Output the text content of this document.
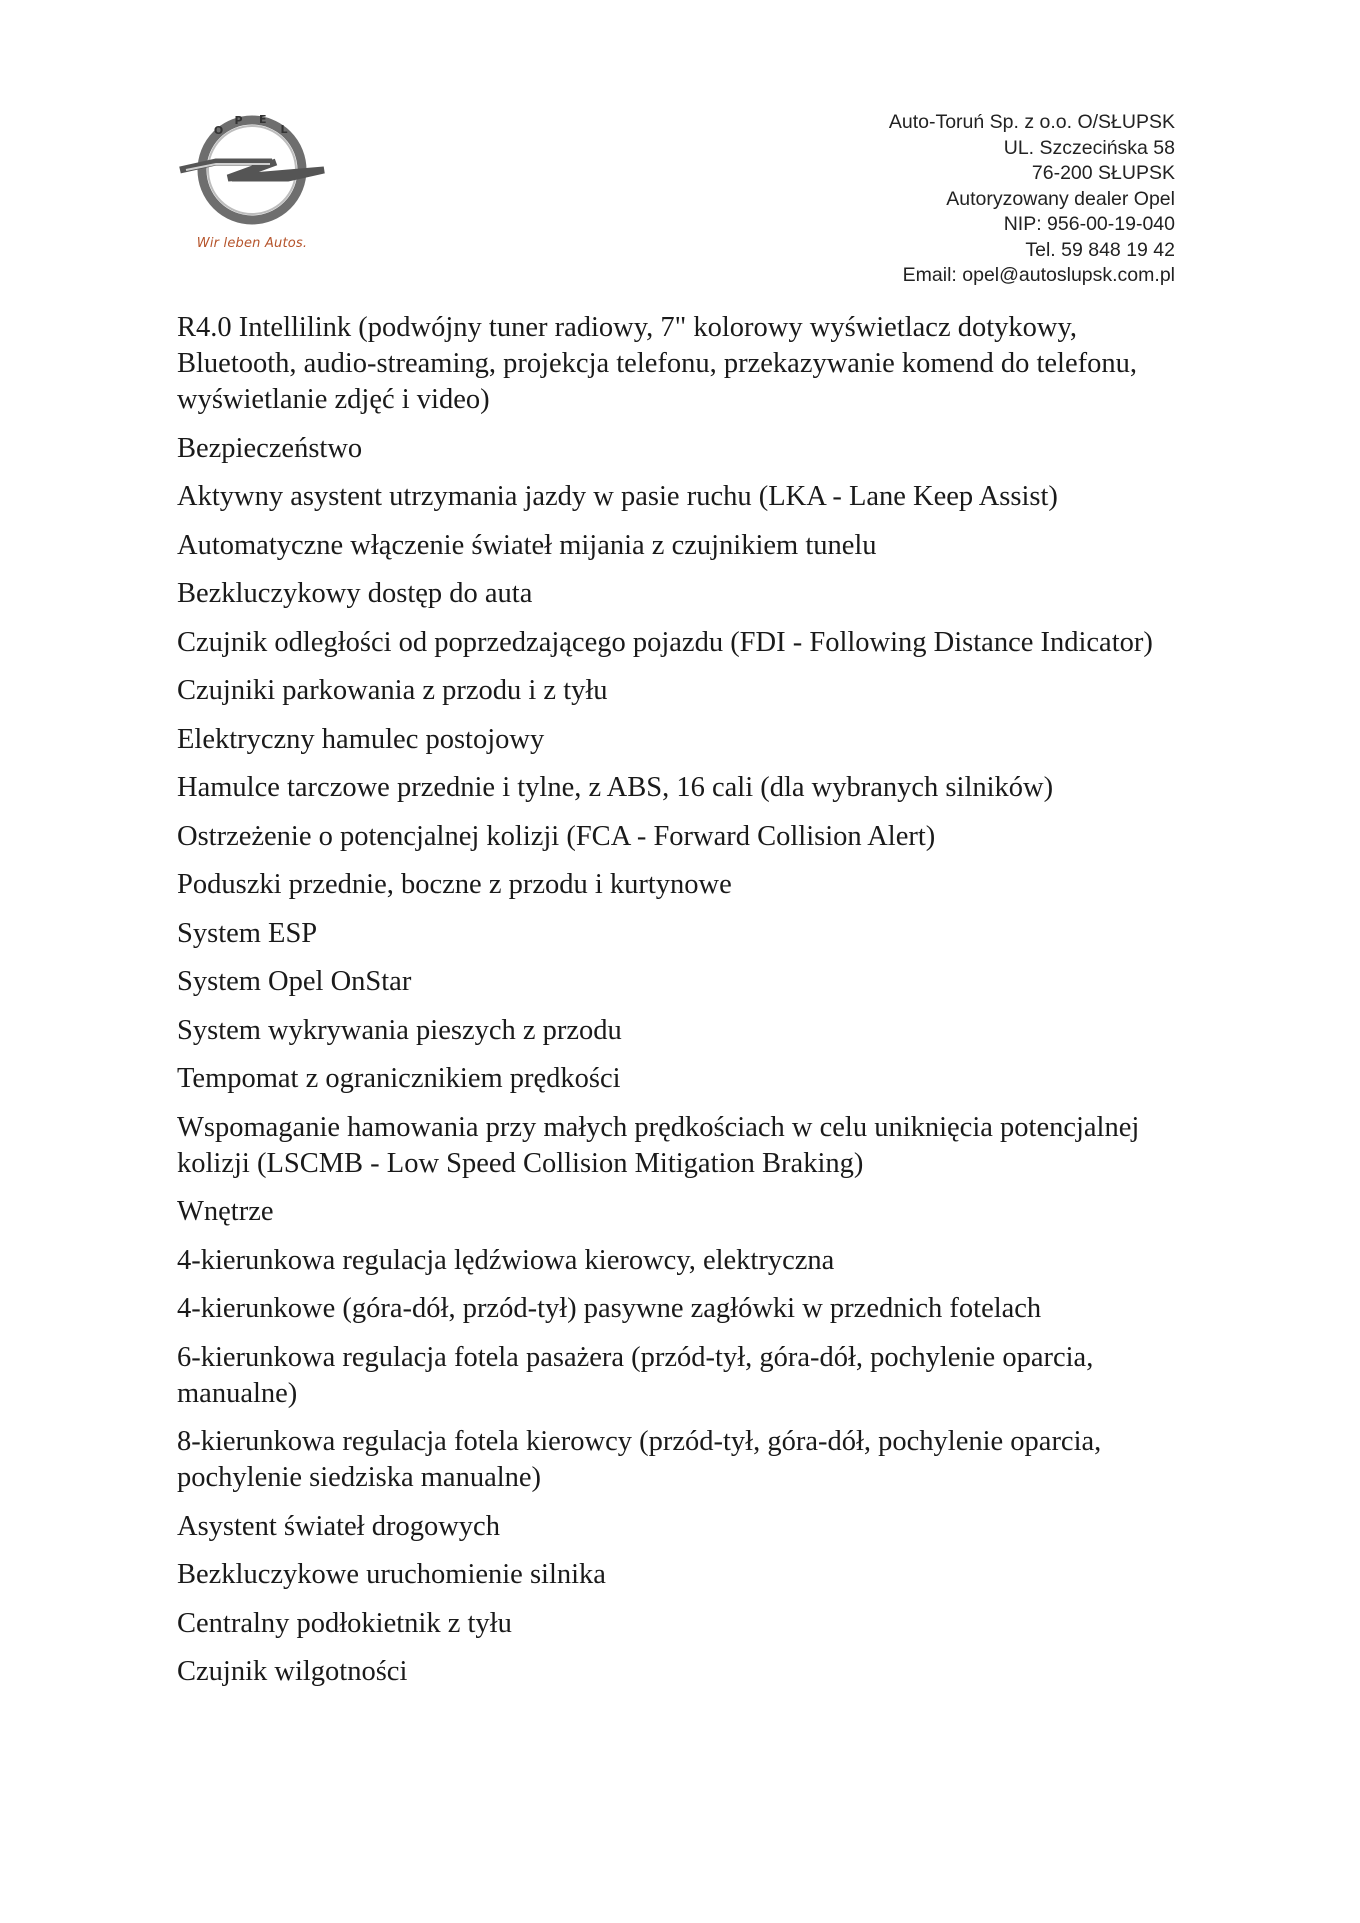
O
P E
L
Wir leben Autos.
Auto-Toruń Sp. z o.o. O/SŁUPSK
UL. Szczecińska 58
76-200 SŁUPSK
Autoryzowany dealer Opel
NIP: 956-00-19-040
Tel. 59 848 19 42
Email: opel@autoslupsk.com.pl
R4.0 Intellilink (podwójny tuner radiowy, 7" kolorowy wyświetlacz dotykowy, Bluetooth, audio-streaming, projekcja telefonu, przekazywanie komend do telefonu, wyświetlanie zdjęć i video)
Bezpieczeństwo
Aktywny asystent utrzymania jazdy w pasie ruchu (LKA - Lane Keep Assist)
Automatyczne włączenie świateł mijania z czujnikiem tunelu
Bezkluczykowy dostęp do auta
Czujnik odległości od poprzedzającego pojazdu (FDI - Following Distance Indicator)
Czujniki parkowania z przodu i z tyłu
Elektryczny hamulec postojowy
Hamulce tarczowe przednie i tylne, z ABS, 16 cali (dla wybranych silników)
Ostrzeżenie o potencjalnej kolizji (FCA - Forward Collision Alert)
Poduszki przednie, boczne z przodu i kurtynowe
System ESP
System Opel OnStar
System wykrywania pieszych z przodu
Tempomat z ogranicznikiem prędkości
Wspomaganie hamowania przy małych prędkościach w celu uniknięcia potencjalnej kolizji (LSCMB - Low Speed Collision Mitigation Braking)
Wnętrze
4-kierunkowa regulacja lędźwiowa kierowcy, elektryczna
4-kierunkowe (góra-dół, przód-tył) pasywne zagłówki w przednich fotelach
6-kierunkowa regulacja fotela pasażera (przód-tył, góra-dół, pochylenie oparcia, manualne)
8-kierunkowa regulacja fotela kierowcy (przód-tył, góra-dół, pochylenie oparcia, pochylenie siedziska manualne)
Asystent świateł drogowych
Bezkluczykowe uruchomienie silnika
Centralny podłokietnik z tyłu
Czujnik wilgotności
